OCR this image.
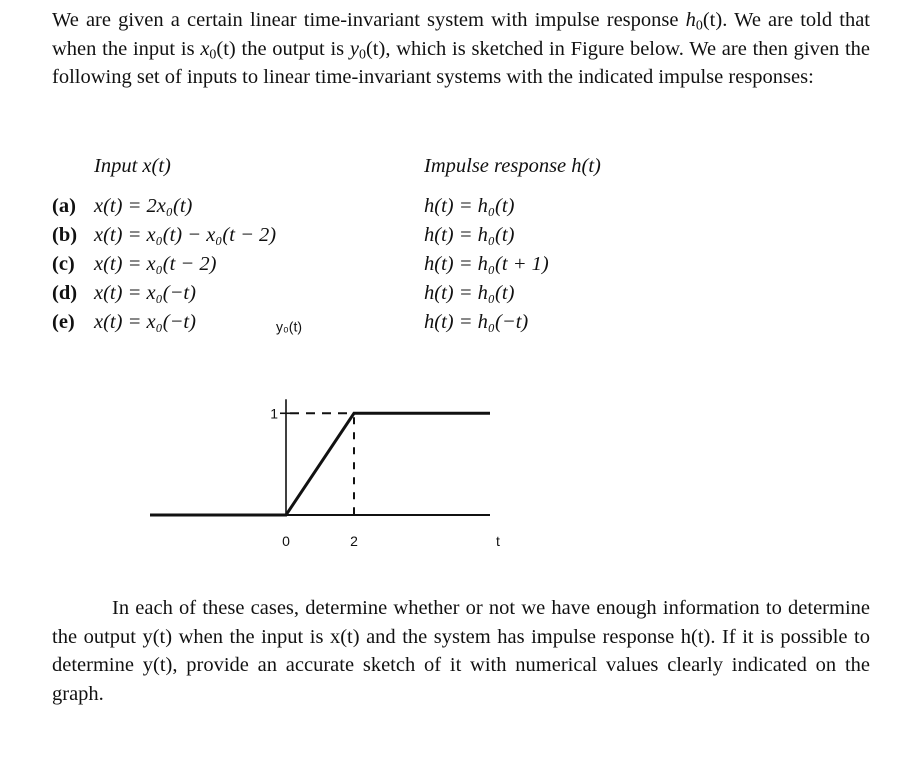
We are given a certain linear time-invariant system with impulse response $h_0(t)$. We are told that when the input is $x_0(t)$ the output is $y_0(t)$, which is sketched in Figure below. We are then given the following set of inputs to linear time-invariant systems with the indicated impulse responses:
Input x(t)	Impulse response h(t)
(a) x(t) = 2x₀(t)	h(t) = h₀(t)
(b) x(t) = x₀(t) − x₀(t − 2)	h(t) = h₀(t)
(c) x(t) = x₀(t − 2)	h(t) = h₀(t + 1)
(d) x(t) = x₀(−t)	h(t) = h₀(t)
(e) x(t) = x₀(−t)	h(t) = h₀(−t)
y₀(t)
t
0	2
1
In each of these cases, determine whether or not we have enough information to determine the output y(t) when the input is x(t) and the system has impulse response h(t). If it is possible to determine y(t), provide an accurate sketch of it with numerical values clearly indicated on the graph.
